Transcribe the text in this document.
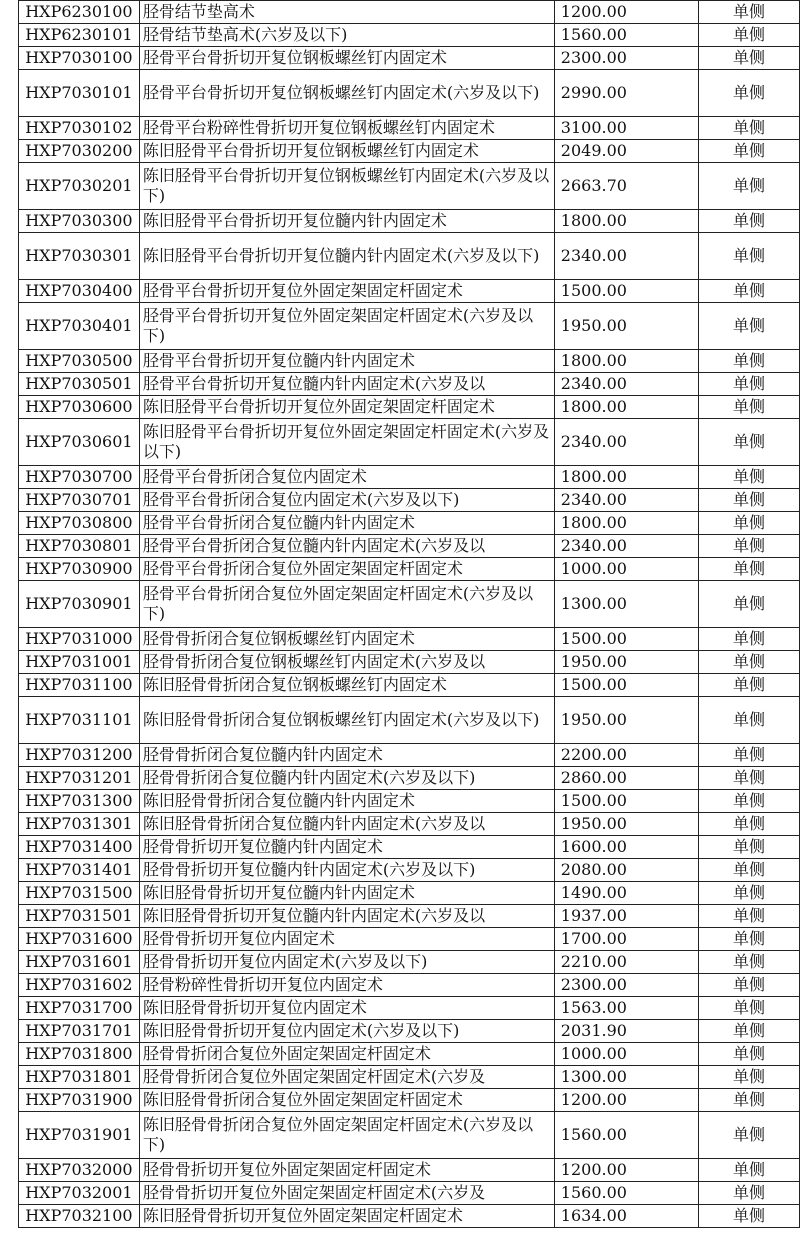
HXP6230100	胫骨结节垫高术	1200.00	单侧
HXP6230101	胫骨结节垫高术(六岁及以下)	1560.00	单侧
HXP7030100	胫骨平台骨折切开复位钢板螺丝钉内固定术	2300.00	单侧
HXP7030101	胫骨平台骨折切开复位钢板螺丝钉内固定术(六岁及以下)	2990.00	单侧
HXP7030102	胫骨平台粉碎性骨折切开复位钢板螺丝钉内固定术	3100.00	单侧
HXP7030200	陈旧胫骨平台骨折切开复位钢板螺丝钉内固定术	2049.00	单侧
HXP7030201	陈旧胫骨平台骨折切开复位钢板螺丝钉内固定术(六岁及以下)	2663.70	单侧
HXP7030300	陈旧胫骨平台骨折切开复位髓内针内固定术	1800.00	单侧
HXP7030301	陈旧胫骨平台骨折切开复位髓内针内固定术(六岁及以下)	2340.00	单侧
HXP7030400	胫骨平台骨折切开复位外固定架固定杆固定术	1500.00	单侧
HXP7030401	胫骨平台骨折切开复位外固定架固定杆固定术(六岁及以下)	1950.00	单侧
HXP7030500	胫骨平台骨折切开复位髓内针内固定术	1800.00	单侧
HXP7030501	胫骨平台骨折切开复位髓内针内固定术(六岁及以	2340.00	单侧
HXP7030600	陈旧胫骨平台骨折切开复位外固定架固定杆固定术	1800.00	单侧
HXP7030601	陈旧胫骨平台骨折切开复位外固定架固定杆固定术(六岁及以下)	2340.00	单侧
HXP7030700	胫骨平台骨折闭合复位内固定术	1800.00	单侧
HXP7030701	胫骨平台骨折闭合复位内固定术(六岁及以下)	2340.00	单侧
HXP7030800	胫骨平台骨折闭合复位髓内针内固定术	1800.00	单侧
HXP7030801	胫骨平台骨折闭合复位髓内针内固定术(六岁及以	2340.00	单侧
HXP7030900	胫骨平台骨折闭合复位外固定架固定杆固定术	1000.00	单侧
HXP7030901	胫骨平台骨折闭合复位外固定架固定杆固定术(六岁及以下)	1300.00	单侧
HXP7031000	胫骨骨折闭合复位钢板螺丝钉内固定术	1500.00	单侧
HXP7031001	胫骨骨折闭合复位钢板螺丝钉内固定术(六岁及以	1950.00	单侧
HXP7031100	陈旧胫骨骨折闭合复位钢板螺丝钉内固定术	1500.00	单侧
HXP7031101	陈旧胫骨骨折闭合复位钢板螺丝钉内固定术(六岁及以下)	1950.00	单侧
HXP7031200	胫骨骨折闭合复位髓内针内固定术	2200.00	单侧
HXP7031201	胫骨骨折闭合复位髓内针内固定术(六岁及以下)	2860.00	单侧
HXP7031300	陈旧胫骨骨折闭合复位髓内针内固定术	1500.00	单侧
HXP7031301	陈旧胫骨骨折闭合复位髓内针内固定术(六岁及以	1950.00	单侧
HXP7031400	胫骨骨折切开复位髓内针内固定术	1600.00	单侧
HXP7031401	胫骨骨折切开复位髓内针内固定术(六岁及以下)	2080.00	单侧
HXP7031500	陈旧胫骨骨折切开复位髓内针内固定术	1490.00	单侧
HXP7031501	陈旧胫骨骨折切开复位髓内针内固定术(六岁及以	1937.00	单侧
HXP7031600	胫骨骨折切开复位内固定术	1700.00	单侧
HXP7031601	胫骨骨折切开复位内固定术(六岁及以下)	2210.00	单侧
HXP7031602	胫骨粉碎性骨折切开复位内固定术	2300.00	单侧
HXP7031700	陈旧胫骨骨折切开复位内固定术	1563.00	单侧
HXP7031701	陈旧胫骨骨折切开复位内固定术(六岁及以下)	2031.90	单侧
HXP7031800	胫骨骨折闭合复位外固定架固定杆固定术	1000.00	单侧
HXP7031801	胫骨骨折闭合复位外固定架固定杆固定术(六岁及	1300.00	单侧
HXP7031900	陈旧胫骨骨折闭合复位外固定架固定杆固定术	1200.00	单侧
HXP7031901	陈旧胫骨骨折闭合复位外固定架固定杆固定术(六岁及以下)	1560.00	单侧
HXP7032000	胫骨骨折切开复位外固定架固定杆固定术	1200.00	单侧
HXP7032001	胫骨骨折切开复位外固定架固定杆固定术(六岁及	1560.00	单侧
HXP7032100	陈旧胫骨骨折切开复位外固定架固定杆固定术	1634.00	单侧
